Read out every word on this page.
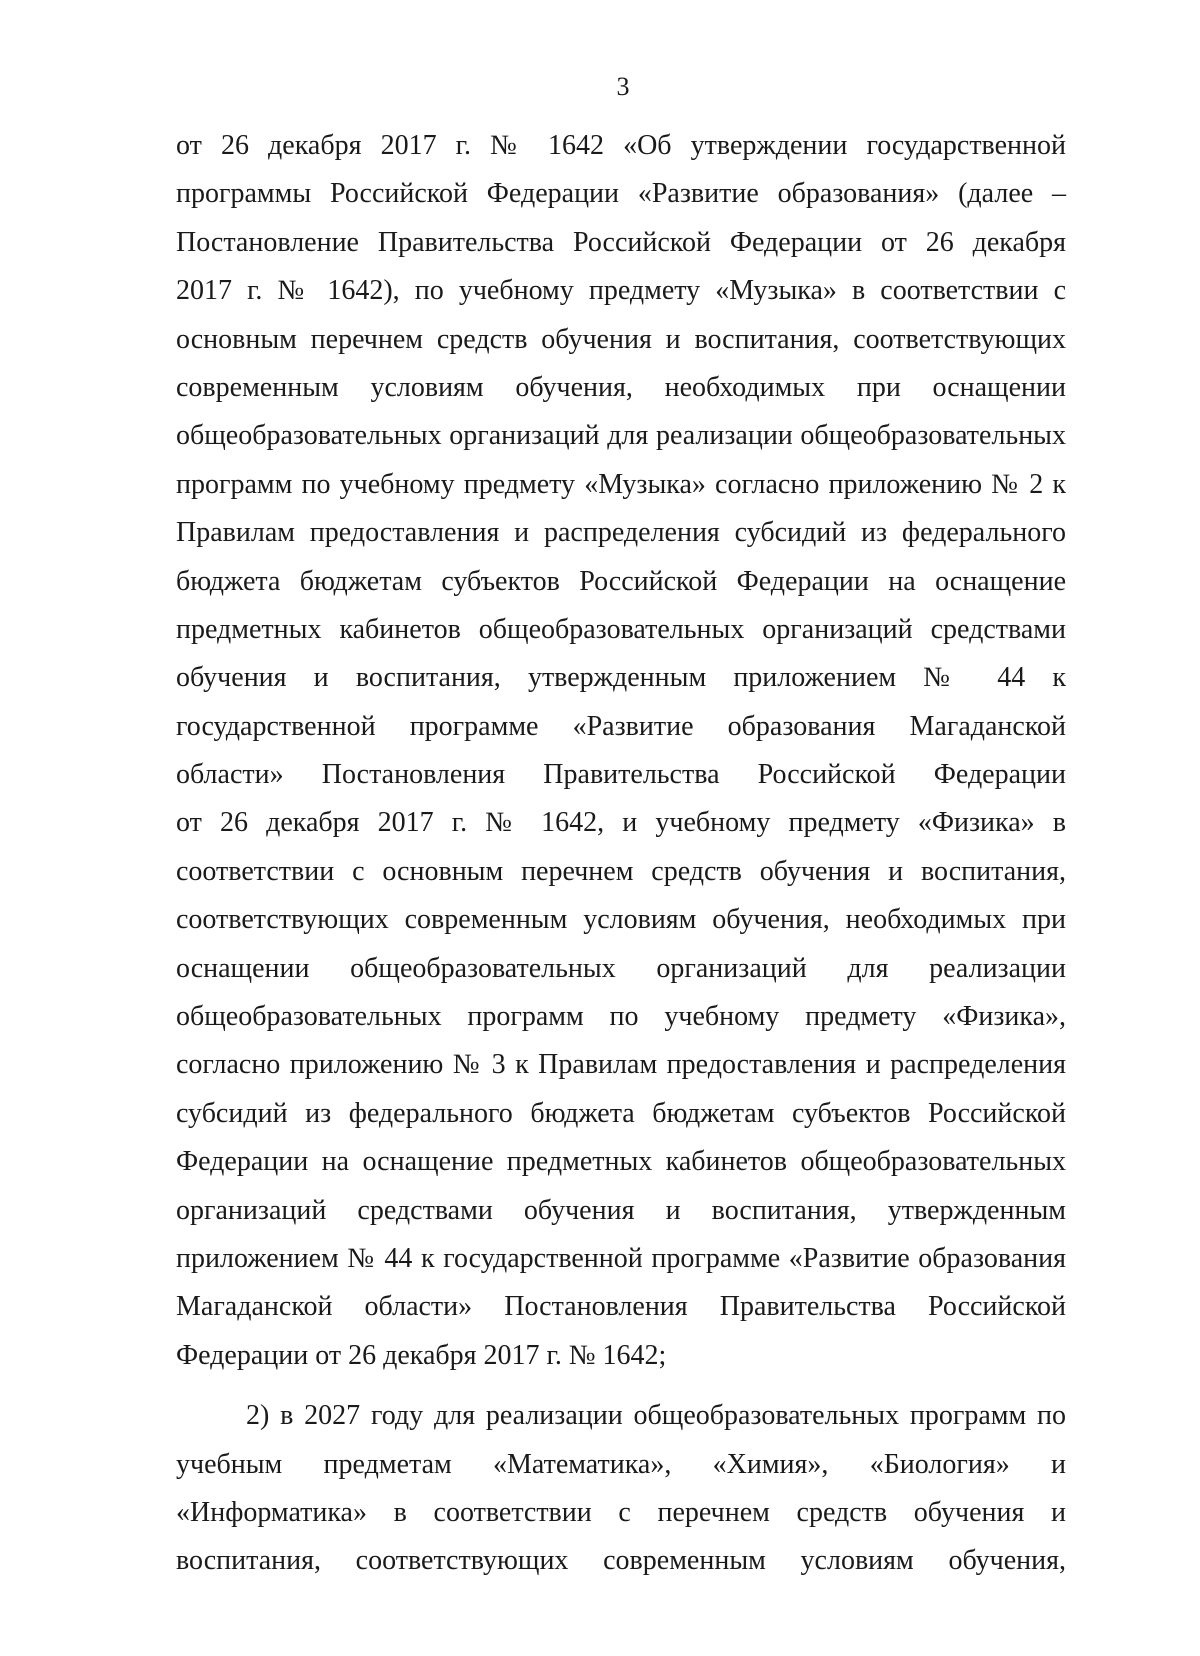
3
от 26 декабря 2017 г. № 1642 «Об утверждении государственной
программы Российской Федерации «Развитие образования» (далее –
Постановление Правительства Российской Федерации от 26 декабря
2017 г. № 1642), по учебному предмету «Музыка» в соответствии с
основным перечнем средств обучения и воспитания, соответствующих
современным условиям обучения, необходимых при оснащении
общеобразовательных организаций для реализации общеобразовательных
программ по учебному предмету «Музыка» согласно приложению № 2 к
Правилам предоставления и распределения субсидий из федерального
бюджета бюджетам субъектов Российской Федерации на оснащение
предметных кабинетов общеобразовательных организаций средствами
обучения и воспитания, утвержденным приложением № 44 к
государственной программе «Развитие образования Магаданской
области» Постановления Правительства Российской Федерации
от 26 декабря 2017 г. № 1642, и учебному предмету «Физика» в
соответствии с основным перечнем средств обучения и воспитания,
соответствующих современным условиям обучения, необходимых при
оснащении общеобразовательных организаций для реализации
общеобразовательных программ по учебному предмету «Физика»,
согласно приложению № 3 к Правилам предоставления и распределения
субсидий из федерального бюджета бюджетам субъектов Российской
Федерации на оснащение предметных кабинетов общеобразовательных
организаций средствами обучения и воспитания, утвержденным
приложением № 44 к государственной программе «Развитие образования
Магаданской области» Постановления Правительства Российской
Федерации от 26 декабря 2017 г. № 1642;
2) в 2027 году для реализации общеобразовательных программ по
учебным предметам «Математика», «Химия», «Биология» и
«Информатика» в соответствии с перечнем средств обучения и
воспитания, соответствующих современным условиям обучения,
